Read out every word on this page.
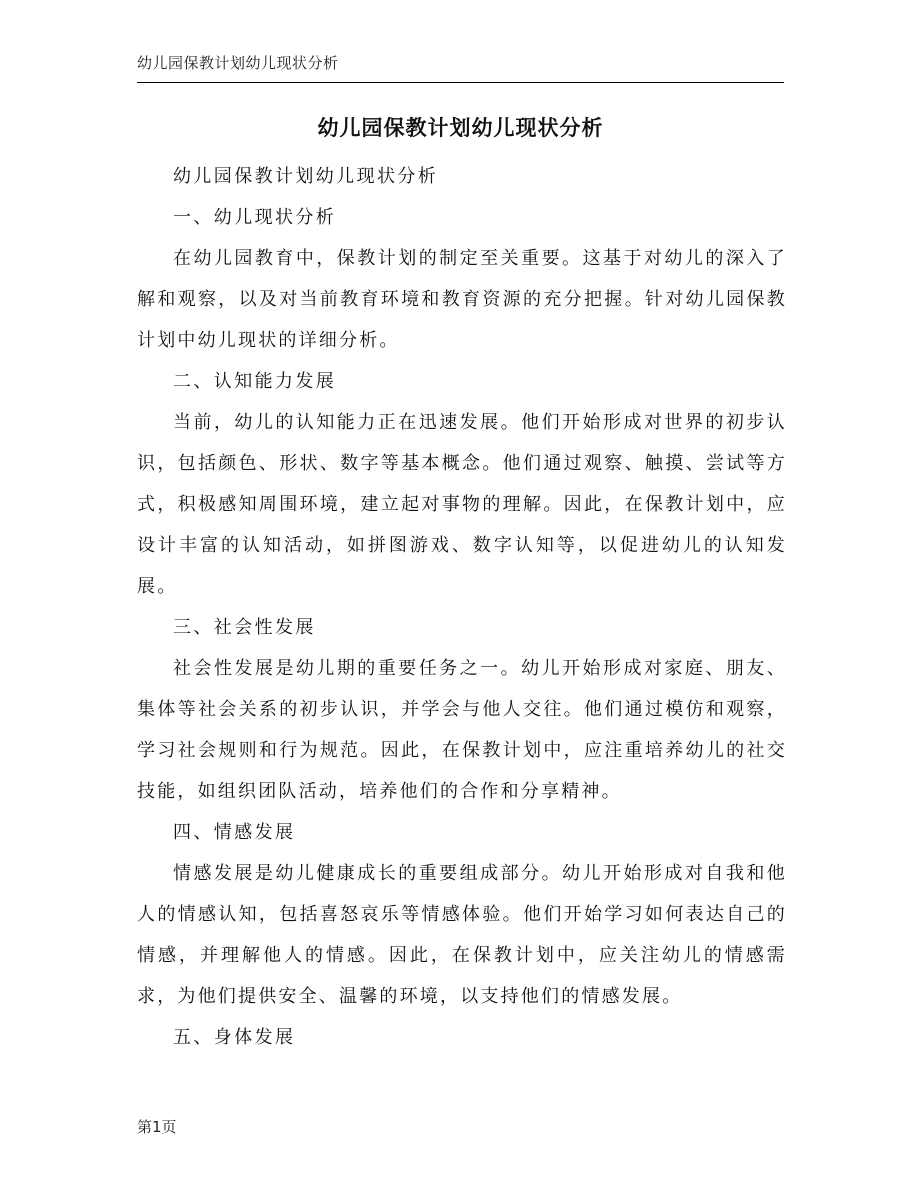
幼儿园保教计划幼儿现状分析
幼儿园保教计划幼儿现状分析

幼儿园保教计划幼儿现状分析

一、幼儿现状分析

在幼儿园教育中，保教计划的制定至关重要。这基于对幼儿的深入了解和观察，以及对当前教育环境和教育资源的充分把握。针对幼儿园保教计划中幼儿现状的详细分析。

二、认知能力发展

当前，幼儿的认知能力正在迅速发展。他们开始形成对世界的初步认识，包括颜色、形状、数字等基本概念。他们通过观察、触摸、尝试等方式，积极感知周围环境，建立起对事物的理解。因此，在保教计划中，应设计丰富的认知活动，如拼图游戏、数字认知等，以促进幼儿的认知发展。

三、社会性发展

社会性发展是幼儿期的重要任务之一。幼儿开始形成对家庭、朋友、集体等社会关系的初步认识，并学会与他人交往。他们通过模仿和观察，学习社会规则和行为规范。因此，在保教计划中，应注重培养幼儿的社交技能，如组织团队活动，培养他们的合作和分享精神。

四、情感发展

情感发展是幼儿健康成长的重要组成部分。幼儿开始形成对自我和他人的情感认知，包括喜怒哀乐等情感体验。他们开始学习如何表达自己的情感，并理解他人的情感。因此，在保教计划中，应关注幼儿的情感需求，为他们提供安全、温馨的环境，以支持他们的情感发展。

五、身体发展

第1页
